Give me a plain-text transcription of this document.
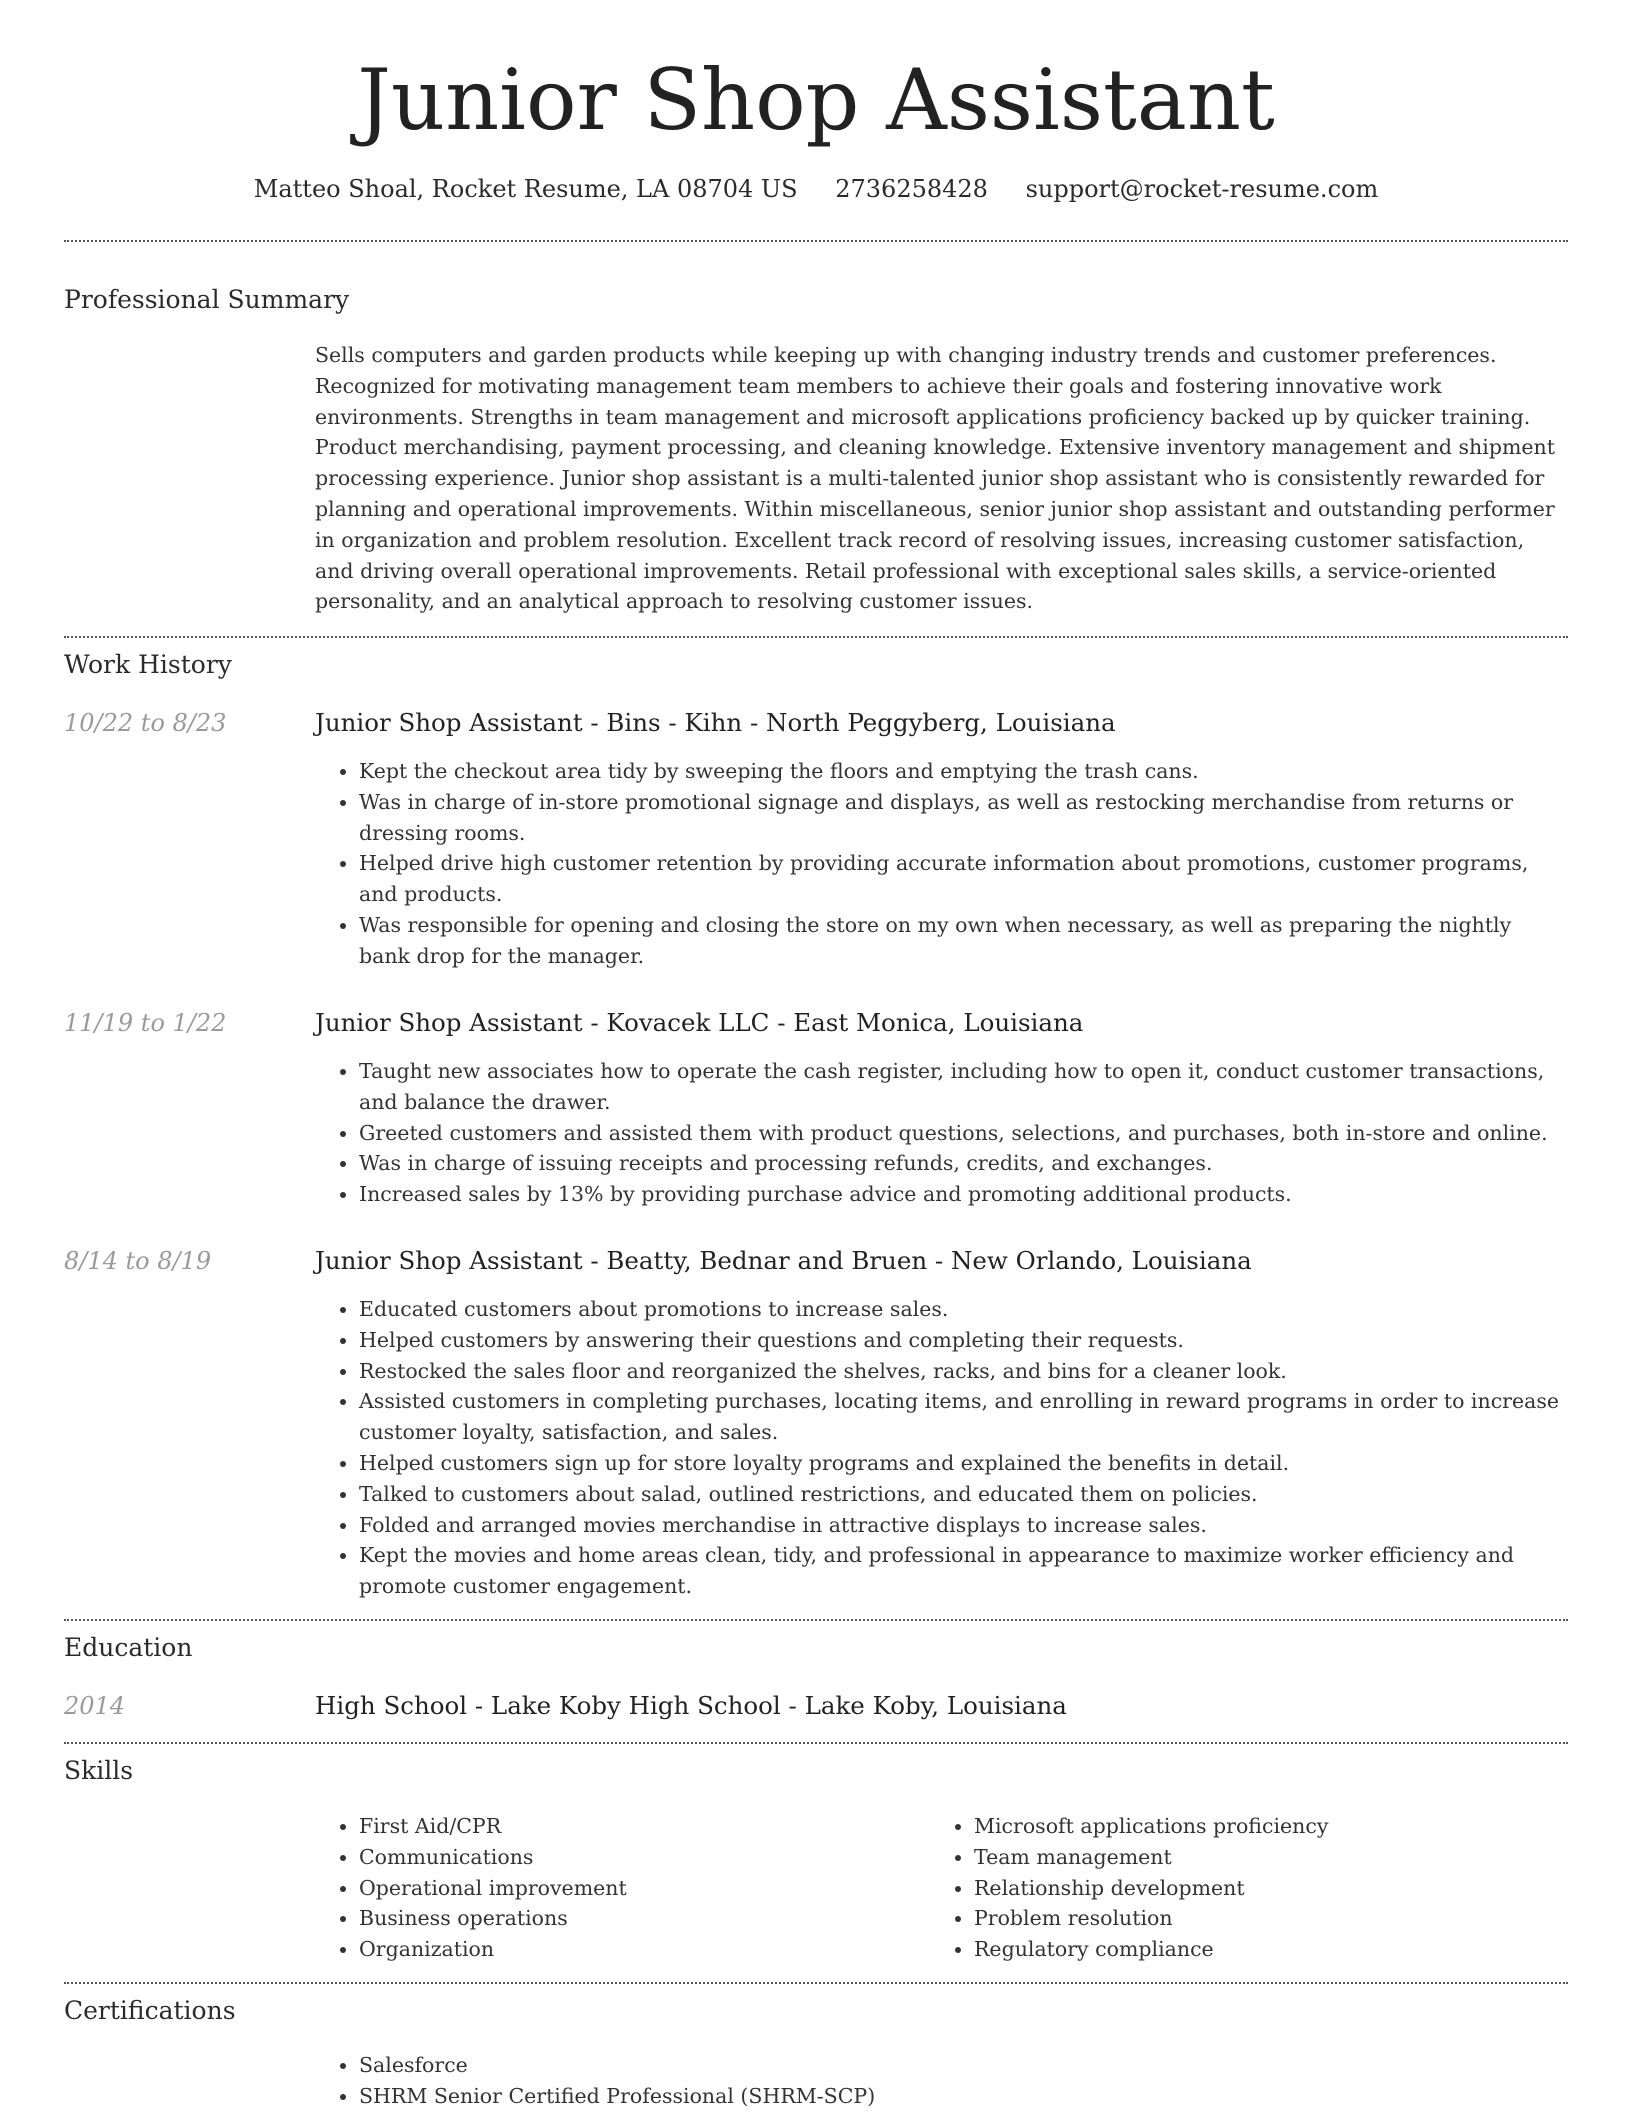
Junior Shop Assistant
Matteo Shoal, Rocket Resume, LA 08704 US 2736258428 support@rocket-resume.com
Professional Summary
Sells computers and garden products while keeping up with changing industry trends and customer preferences. Recognized for motivating management team members to achieve their goals and fostering innovative work environments. Strengths in team management and microsoft applications proficiency backed up by quicker training. Product merchandising, payment processing, and cleaning knowledge. Extensive inventory management and shipment processing experience. Junior shop assistant is a multi-talented junior shop assistant who is consistently rewarded for planning and operational improvements. Within miscellaneous, senior junior shop assistant and outstanding performer in organization and problem resolution. Excellent track record of resolving issues, increasing customer satisfaction, and driving overall operational improvements. Retail professional with exceptional sales skills, a service-oriented personality, and an analytical approach to resolving customer issues.
Work History
10/22 to 8/23	Junior Shop Assistant - Bins - Kihn - North Peggyberg, Louisiana
• Kept the checkout area tidy by sweeping the floors and emptying the trash cans.
• Was in charge of in-store promotional signage and displays, as well as restocking merchandise from returns or dressing rooms.
• Helped drive high customer retention by providing accurate information about promotions, customer programs, and products.
• Was responsible for opening and closing the store on my own when necessary, as well as preparing the nightly bank drop for the manager.
11/19 to 1/22	Junior Shop Assistant - Kovacek LLC - East Monica, Louisiana
• Taught new associates how to operate the cash register, including how to open it, conduct customer transactions, and balance the drawer.
• Greeted customers and assisted them with product questions, selections, and purchases, both in-store and online.
• Was in charge of issuing receipts and processing refunds, credits, and exchanges.
• Increased sales by 13% by providing purchase advice and promoting additional products.
8/14 to 8/19	Junior Shop Assistant - Beatty, Bednar and Bruen - New Orlando, Louisiana
• Educated customers about promotions to increase sales.
• Helped customers by answering their questions and completing their requests.
• Restocked the sales floor and reorganized the shelves, racks, and bins for a cleaner look.
• Assisted customers in completing purchases, locating items, and enrolling in reward programs in order to increase customer loyalty, satisfaction, and sales.
• Helped customers sign up for store loyalty programs and explained the benefits in detail.
• Talked to customers about salad, outlined restrictions, and educated them on policies.
• Folded and arranged movies merchandise in attractive displays to increase sales.
• Kept the movies and home areas clean, tidy, and professional in appearance to maximize worker efficiency and promote customer engagement.
Education
2014	High School - Lake Koby High School - Lake Koby, Louisiana
Skills
• First Aid/CPR
• Communications
• Operational improvement
• Business operations
• Organization
• Microsoft applications proficiency
• Team management
• Relationship development
• Problem resolution
• Regulatory compliance
Certifications
• Salesforce
• SHRM Senior Certified Professional (SHRM-SCP)
